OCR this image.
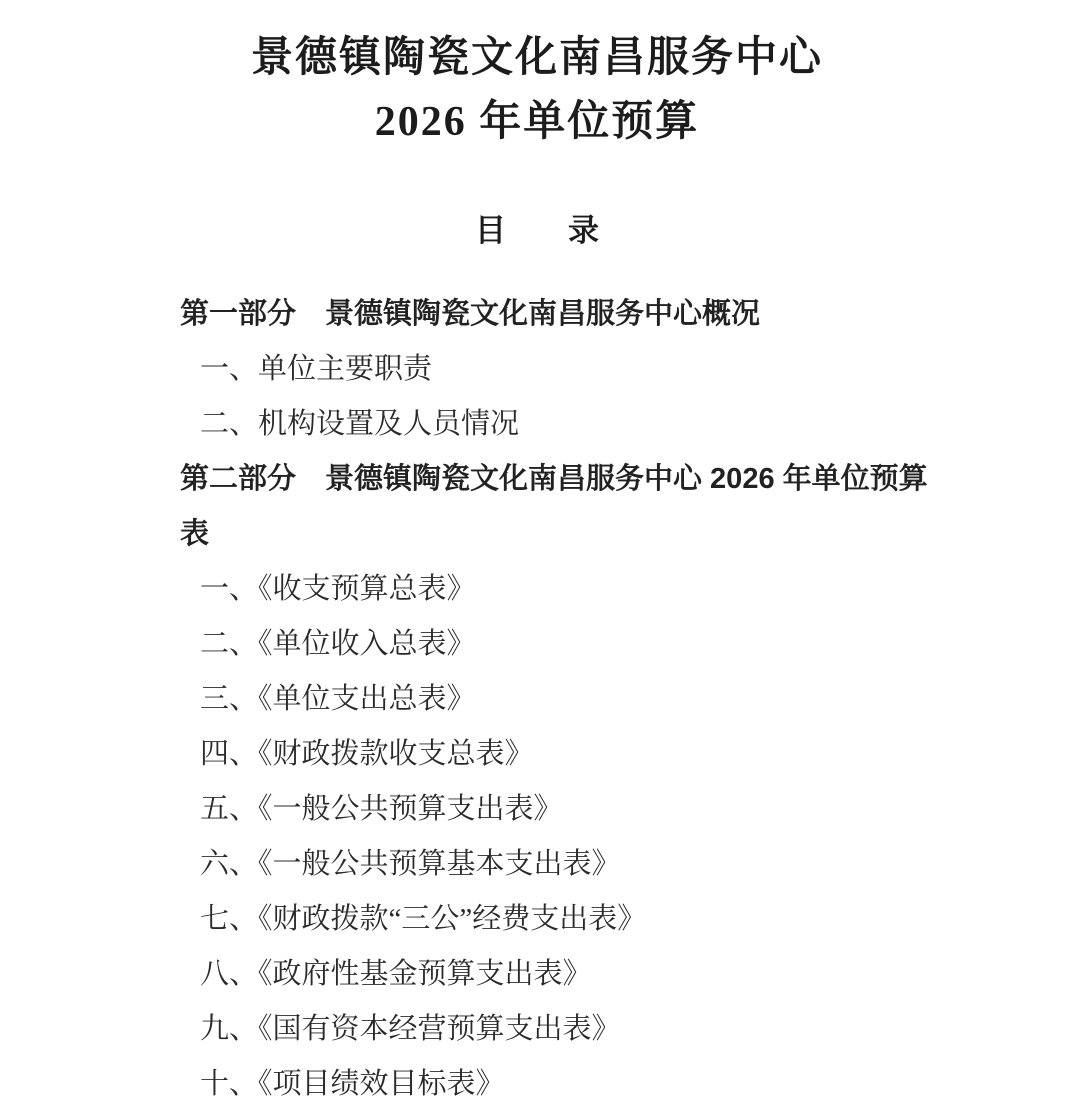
景德镇陶瓷文化南昌服务中心
2026 年单位预算
目　　录
第一部分　景德镇陶瓷文化南昌服务中心概况
一、单位主要职责
二、机构设置及人员情况
第二部分　景德镇陶瓷文化南昌服务中心 2026 年单位预算表
一、《收支预算总表》
二、《单位收入总表》
三、《单位支出总表》
四、《财政拨款收支总表》
五、《一般公共预算支出表》
六、《一般公共预算基本支出表》
七、《财政拨款“三公”经费支出表》
八、《政府性基金预算支出表》
九、《国有资本经营预算支出表》
十、《项目绩效目标表》
